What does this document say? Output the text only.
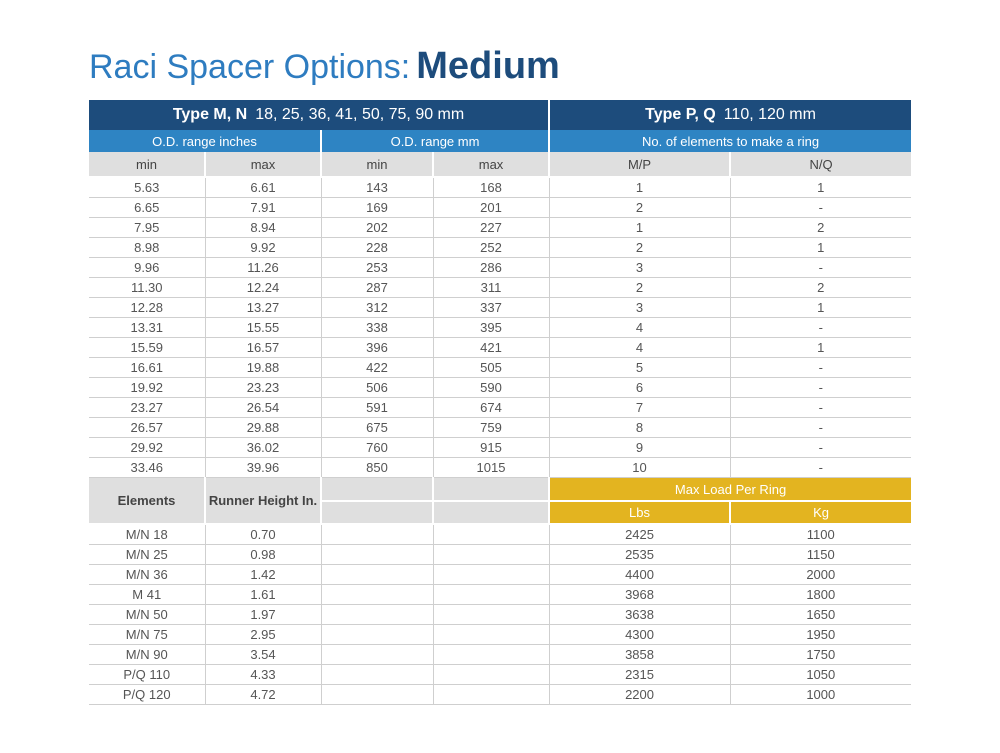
Raci Spacer Options: Medium
Type M, N 18, 25, 36, 41, 50, 75, 90 mm				Type P, Q 110, 120 mm	
O.D. range inches		O.D. range mm		No. of elements to make a ring	
min	max	min	max	M/P	N/Q
5.63	6.61	143	168	1	1
6.65	7.91	169	201	2	-
7.95	8.94	202	227	1	2
8.98	9.92	228	252	2	1
9.96	11.26	253	286	3	-
11.30	12.24	287	311	2	2
12.28	13.27	312	337	3	1
13.31	15.55	338	395	4	-
15.59	16.57	396	421	4	1
16.61	19.88	422	505	5	-
19.92	23.23	506	590	6	-
23.27	26.54	591	674	7	-
26.57	29.88	675	759	8	-
29.92	36.02	760	915	9	-
33.46	39.96	850	1015	10	-
Elements	Runner Height In.			Max Load Per Ring	
				Lbs	Kg
M/N 18	0.70			2425	1100
M/N 25	0.98			2535	1150
M/N 36	1.42			4400	2000
M 41	1.61			3968	1800
M/N 50	1.97			3638	1650
M/N 75	2.95			4300	1950
M/N 90	3.54			3858	1750
P/Q 110	4.33			2315	1050
P/Q 120	4.72			2200	1000
